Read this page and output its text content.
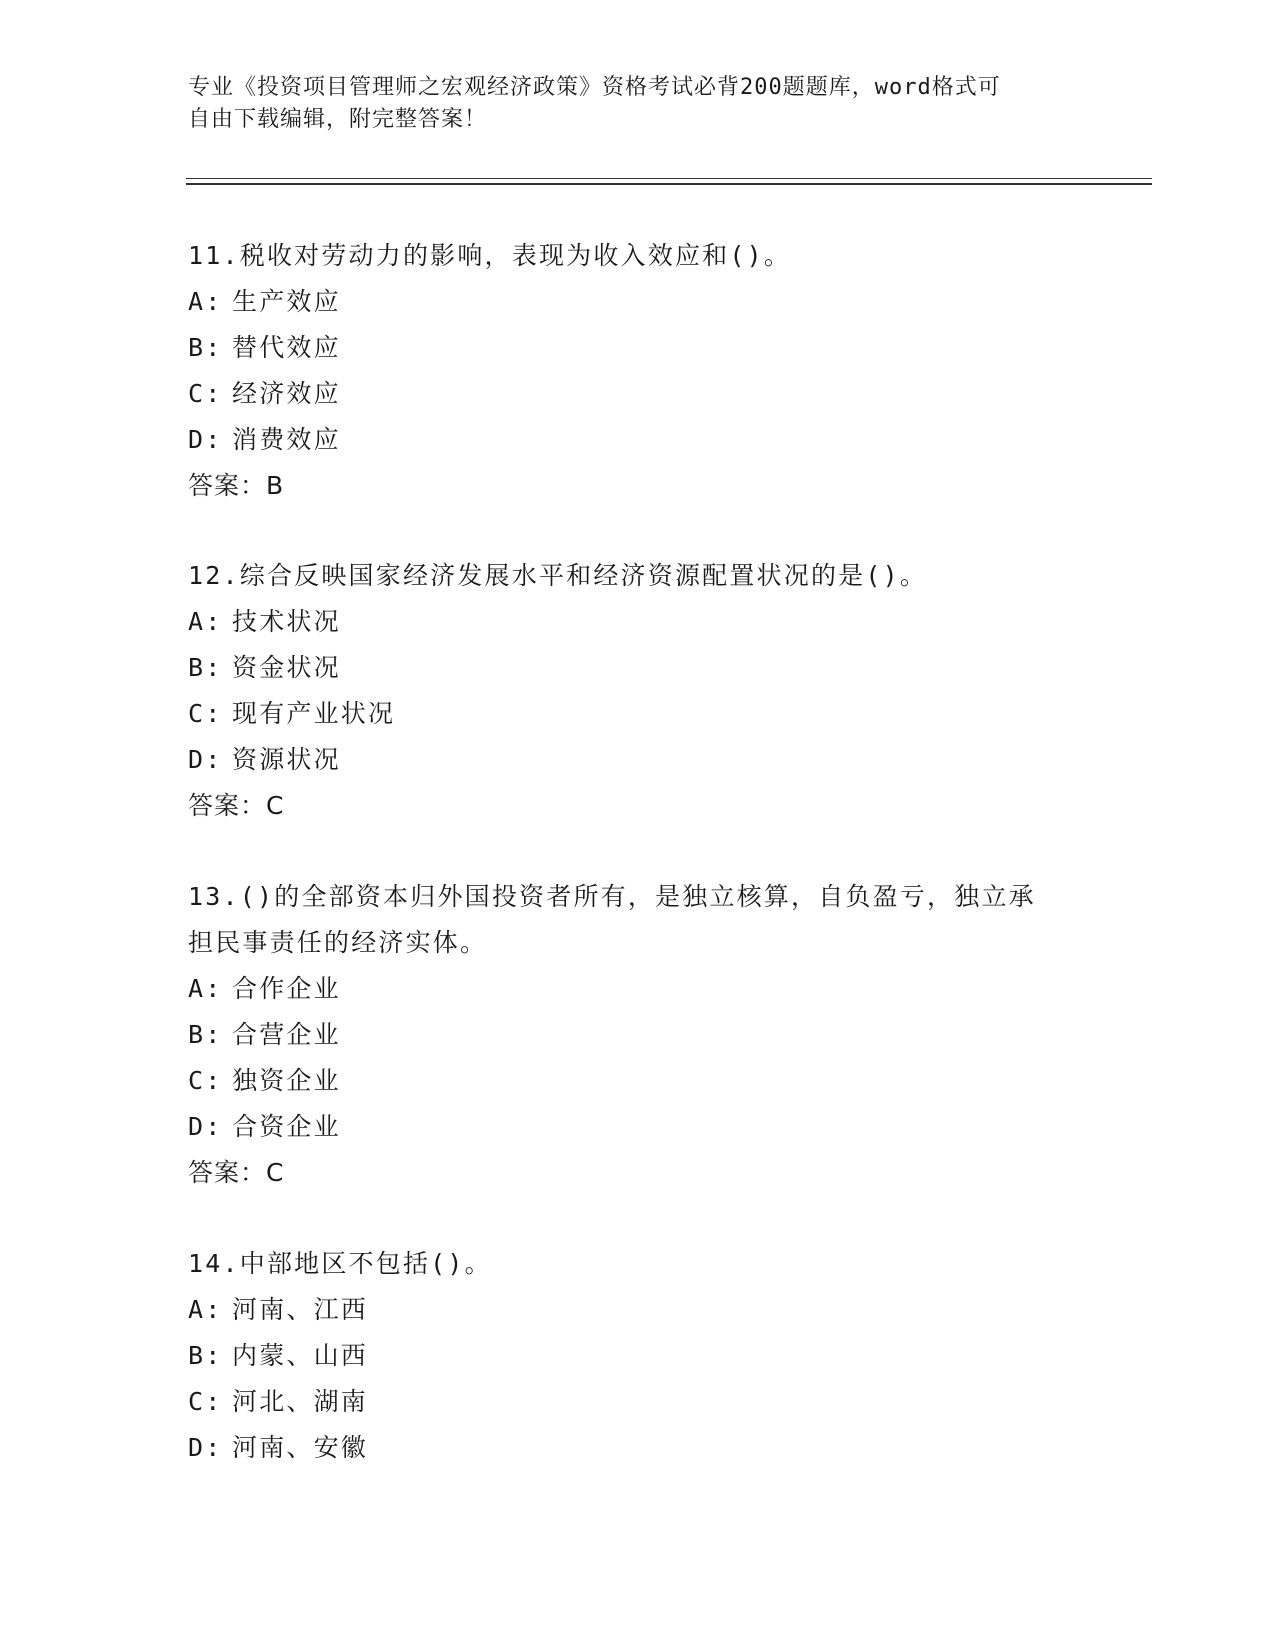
专业《投资项目管理师之宏观经济政策》资格考试必背200题题库，word格式可
自由下载编辑，附完整答案！

11.税收对劳动力的影响，表现为收入效应和()。

A: 生产效应

B: 替代效应

C: 经济效应

D: 消费效应

答案：B

12.综合反映国家经济发展水平和经济资源配置状况的是()。

A: 技术状况

B: 资金状况

C: 现有产业状况

D: 资源状况

答案：C

13.()的全部资本归外国投资者所有，是独立核算，自负盈亏，独立承

担民事责任的经济实体。

A: 合作企业

B: 合营企业

C: 独资企业

D: 合资企业

答案：C

14.中部地区不包括()。

A: 河南、江西

B: 内蒙、山西

C: 河北、湖南

D: 河南、安徽
